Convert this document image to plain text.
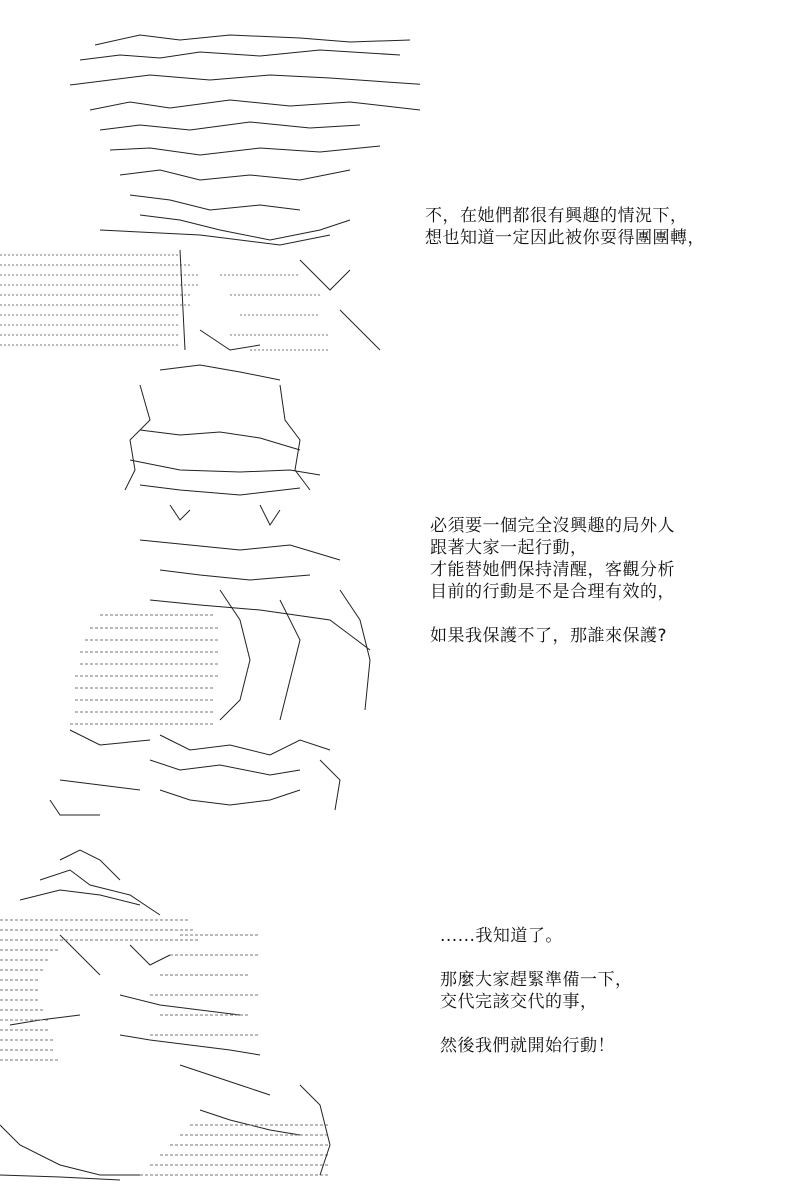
不，在她們都很有興趣的情況下，
想也知道一定因此被你耍得團團轉，
必須要一個完全沒興趣的局外人
跟著大家一起行動，
才能替她們保持清醒，客觀分析
目前的行動是不是合理有效的，
如果我保護不了，那誰來保護?
......我知道了。
那麼大家趕緊準備一下，
交代完該交代的事，
然後我們就開始行動！
